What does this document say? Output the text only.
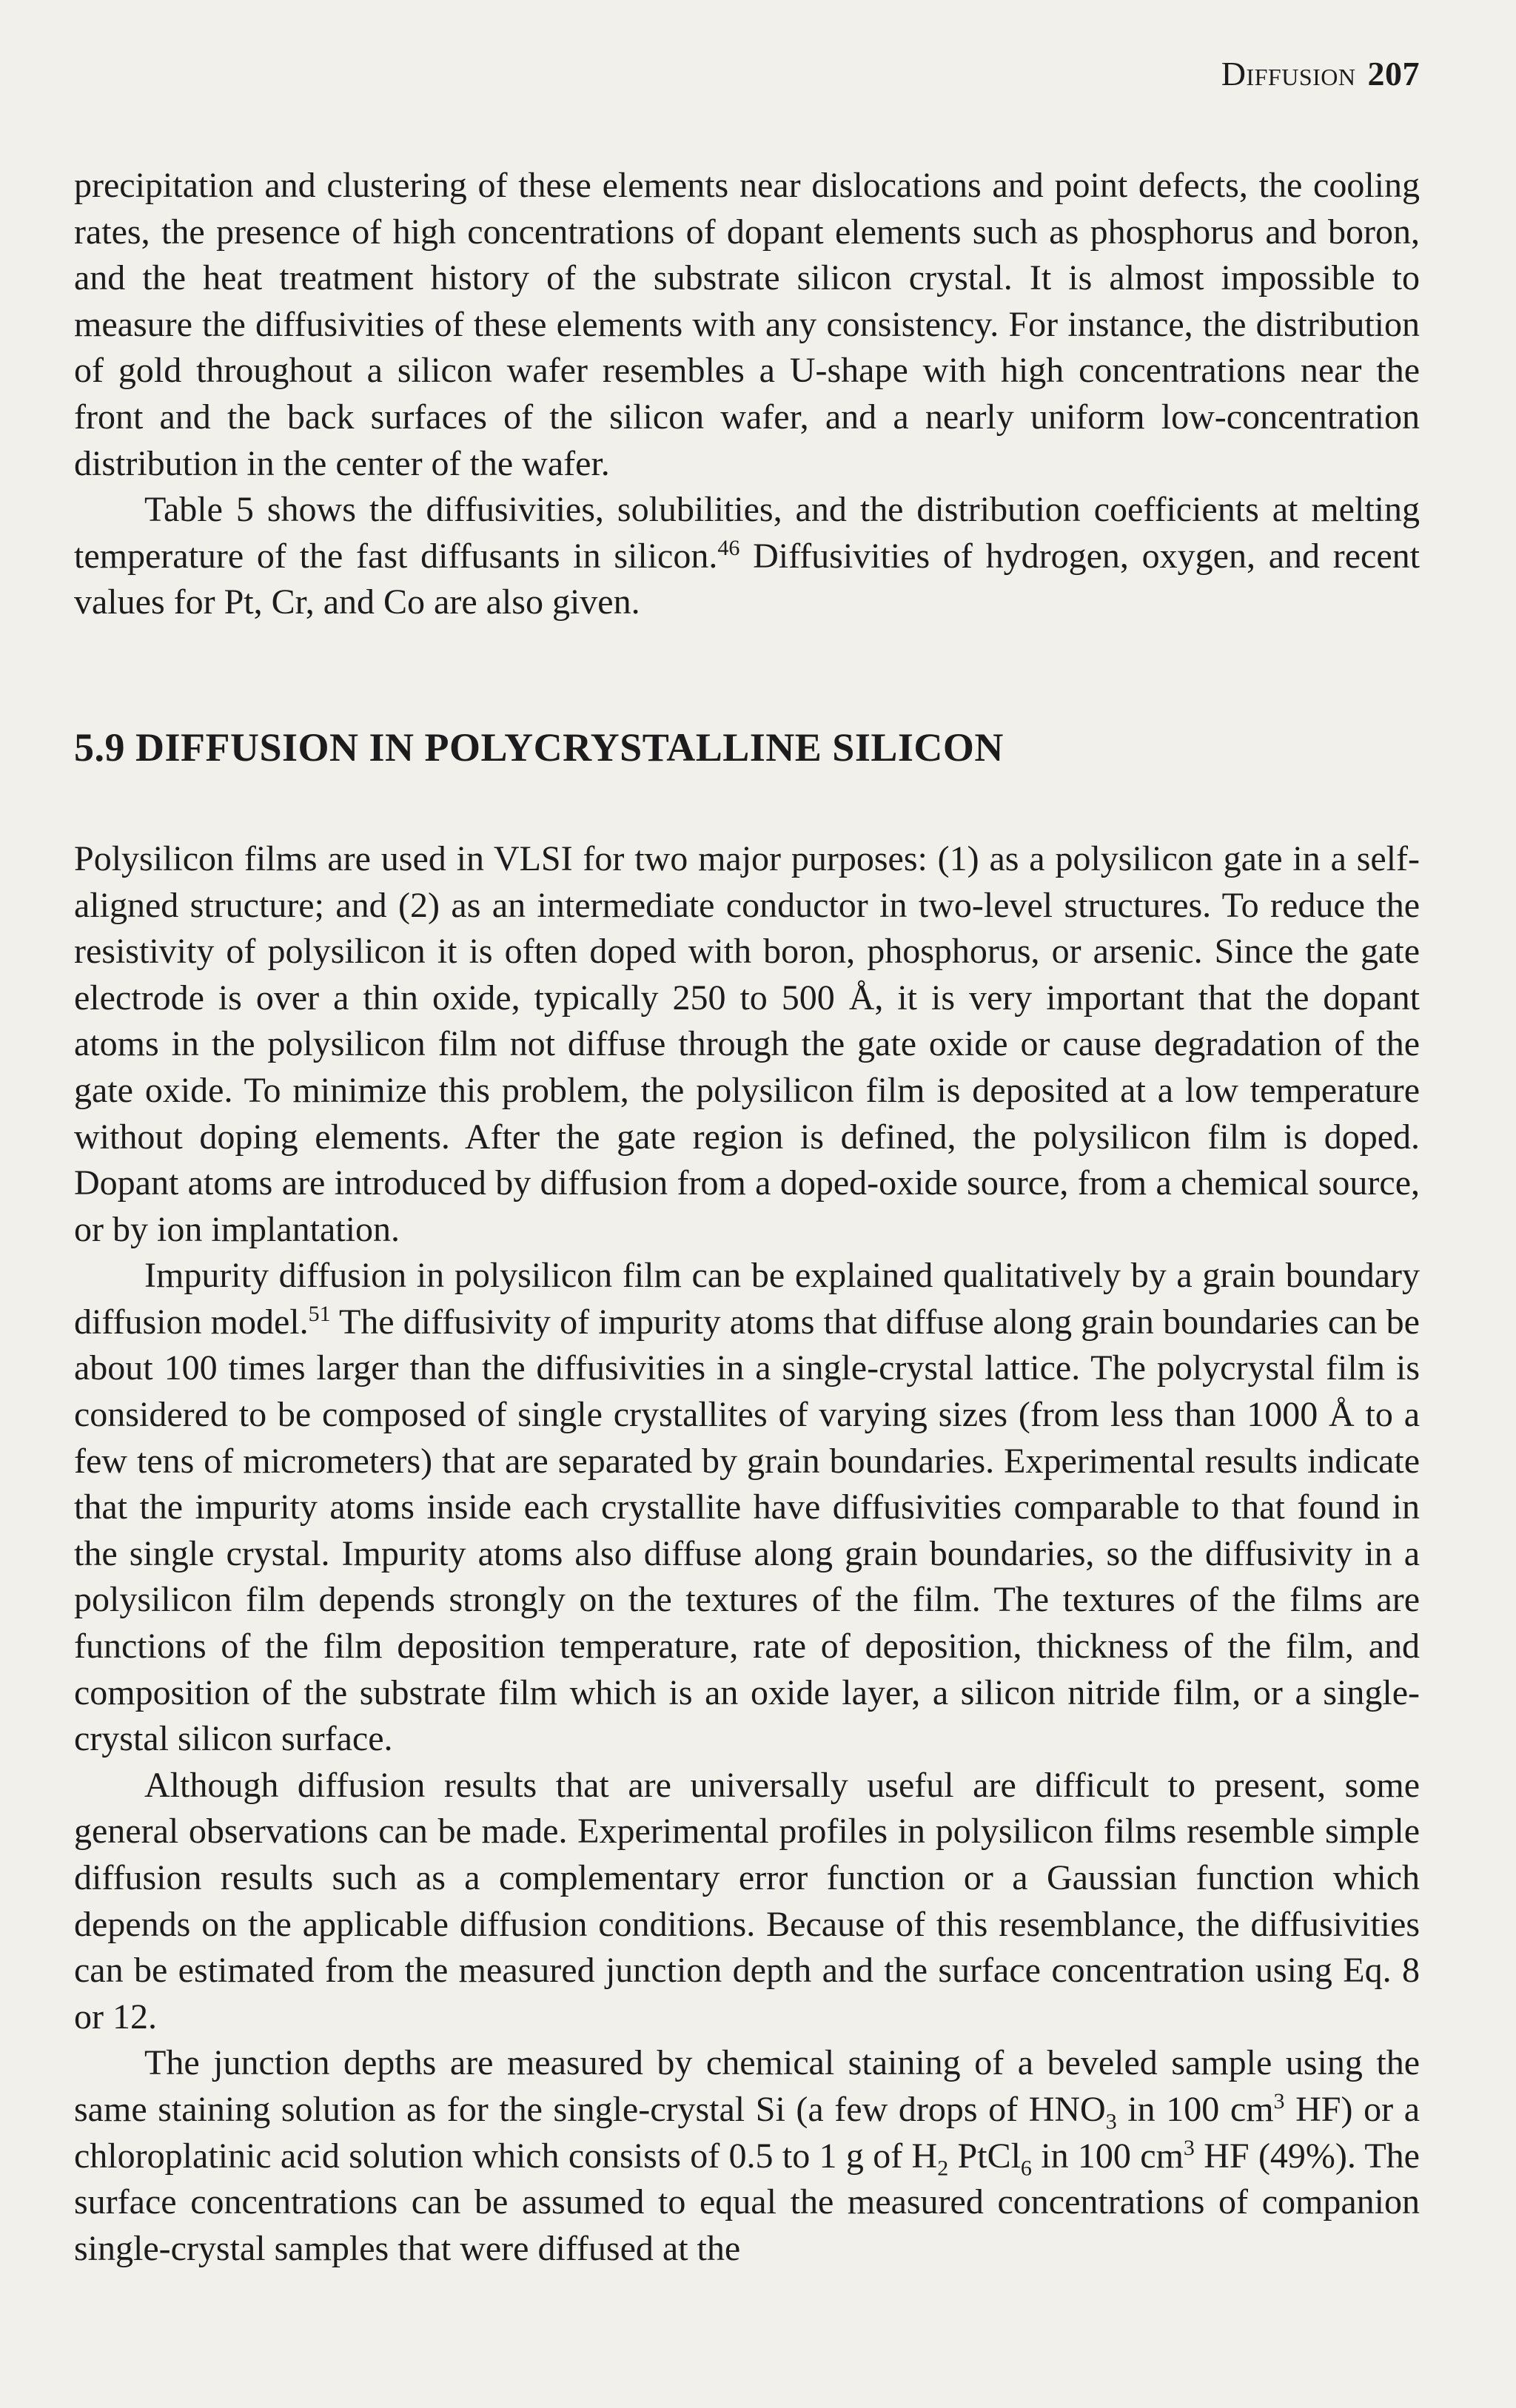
Diffusion 207

precipitation and clustering of these elements near dislocations and point defects, the cooling rates, the presence of high concentrations of dopant elements such as phosphorus and boron, and the heat treatment history of the substrate silicon crystal. It is almost impossible to measure the diffusivities of these elements with any consistency. For instance, the distribution of gold throughout a silicon wafer resembles a U-shape with high concentrations near the front and the back surfaces of the silicon wafer, and a nearly uniform low-concentration distribution in the center of the wafer.

Table 5 shows the diffusivities, solubilities, and the distribution coefficients at melting temperature of the fast diffusants in silicon.$^{46}$ Diffusivities of hydrogen, oxygen, and recent values for Pt, Cr, and Co are also given.

5.9 DIFFUSION IN POLYCRYSTALLINE SILICON

Polysilicon films are used in VLSI for two major purposes: (1) as a polysilicon gate in a self-aligned structure; and (2) as an intermediate conductor in two-level structures. To reduce the resistivity of polysilicon it is often doped with boron, phosphorus, or arsenic. Since the gate electrode is over a thin oxide, typically 250 to 500 Å, it is very important that the dopant atoms in the polysilicon film not diffuse through the gate oxide or cause degradation of the gate oxide. To minimize this problem, the polysilicon film is deposited at a low temperature without doping elements. After the gate region is defined, the polysilicon film is doped. Dopant atoms are introduced by diffusion from a doped-oxide source, from a chemical source, or by ion implantation.

Impurity diffusion in polysilicon film can be explained qualitatively by a grain boundary diffusion model.$^{51}$ The diffusivity of impurity atoms that diffuse along grain boundaries can be about 100 times larger than the diffusivities in a single-crystal lattice. The polycrystal film is considered to be composed of single crystallites of varying sizes (from less than 1000 Å to a few tens of micrometers) that are separated by grain boundaries. Experimental results indicate that the impurity atoms inside each crystallite have diffusivities comparable to that found in the single crystal. Impurity atoms also diffuse along grain boundaries, so the diffusivity in a polysilicon film depends strongly on the textures of the film. The textures of the films are functions of the film deposition temperature, rate of deposition, thickness of the film, and composition of the substrate film which is an oxide layer, a silicon nitride film, or a single-crystal silicon surface.

Although diffusion results that are universally useful are difficult to present, some general observations can be made. Experimental profiles in polysilicon films resemble simple diffusion results such as a complementary error function or a Gaussian function which depends on the applicable diffusion conditions. Because of this resemblance, the diffusivities can be estimated from the measured junction depth and the surface concentration using Eq. 8 or 12.

The junction depths are measured by chemical staining of a beveled sample using the same staining solution as for the single-crystal Si (a few drops of $HNO_3$ in 100 $cm^3$ HF) or a chloroplatinic acid solution which consists of 0.5 to 1 g of $H_2$ PtCl$_6$ in 100 $cm^3$ HF (49%). The surface concentrations can be assumed to equal the measured concentrations of companion single-crystal samples that were diffused at the
